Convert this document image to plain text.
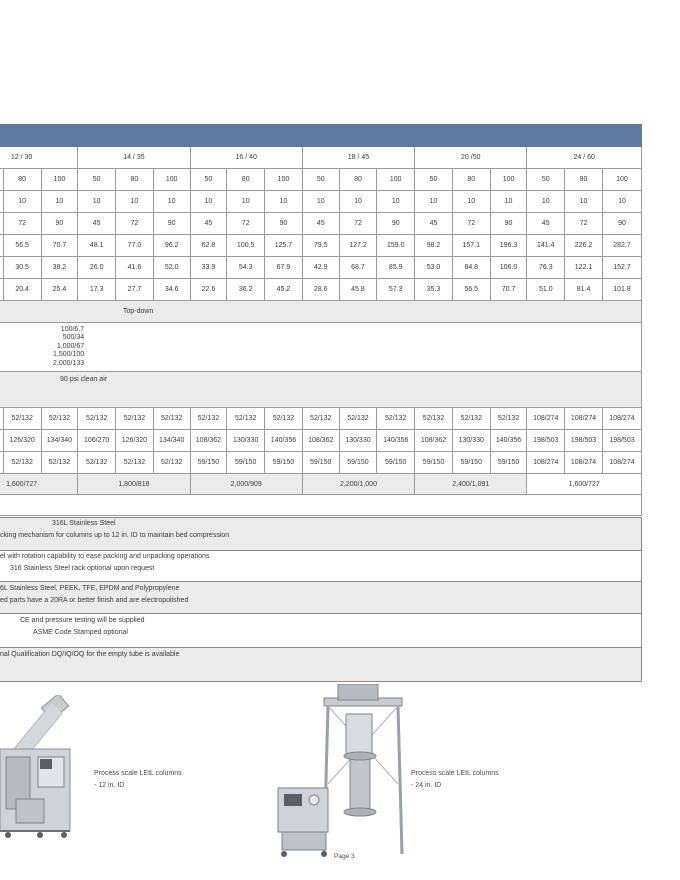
12 / 30			14 / 35			16 / 40			18 / 45			20 /50			24 / 60		
	80	100	50	80	100	50	80	100	50	80	100	50	80	100	50	80	100
	10	10	10	10	10	10	10	10	10	10	10	10	10	10	10	10	10
	72	90	45	72	90	45	72	90	45	72	90	45	72	90	45	72	90
	56.5	70.7	48.1	77.0	96.2	62.8	100.5	125.7	79.5	127.2	159.0	98.2	157.1	196.3	141.4	226.2	282.7
	30.5	38.2	26.0	41.6	52.0	33.9	54.3	67.9	42.9	68.7	85.9	53.0	84.8	106.0	76.3	122.1	152.7
	20.4	25.4	17.3	27.7	34.6	22.6	36.2	45.2	28.6	45.8	57.3	35.3	56.5	70.7	51.0	81.4	101.8
Top-down																	

100/6.7
500/34
1,000/67
1,500/100
2,000/133																	

90 psi clean air																	
	52/132	52/132	52/132	52/132	52/132	52/132	52/132	52/132	52/132	52/132	52/132	52/132	52/132	52/132	108/274	108/274	108/274
	126/320	134/340	106/270	126/320	134/340	108/362	130/330	140/356	108/362	130/330	140/356	108/362	130/330	140/356	198/503	198/503	198/503
	52/132	52/132	52/132	52/132	52/132	59/150	59/150	59/150	59/150	59/150	59/150	59/150	59/150	59/150	108/274	108/274	108/274
1,600/727			1,800/818			2,000/909			2,200/1,000			2,400/1,091			1,600/727		

316L Stainless Steel
cking mechanism for columns up to 12 in. ID to maintain bed compression

el with rotation capability to ease packing and unpacking operations
316 Stainless Steel rack optional upon request

6L Stainless Steel, PEEK, TFE, EPDM and Polypropylene
ed parts have a 20RA or better finish and are electropolished

CE and pressure testing will be supplied
ASME Code Stamped optional

nal Qualification DQ/IQ/OQ for the empty tube is available
Process scale LEtL columns
- 12 in. ID
Process scale LEtL columns
- 24 in. ID
Page 3
